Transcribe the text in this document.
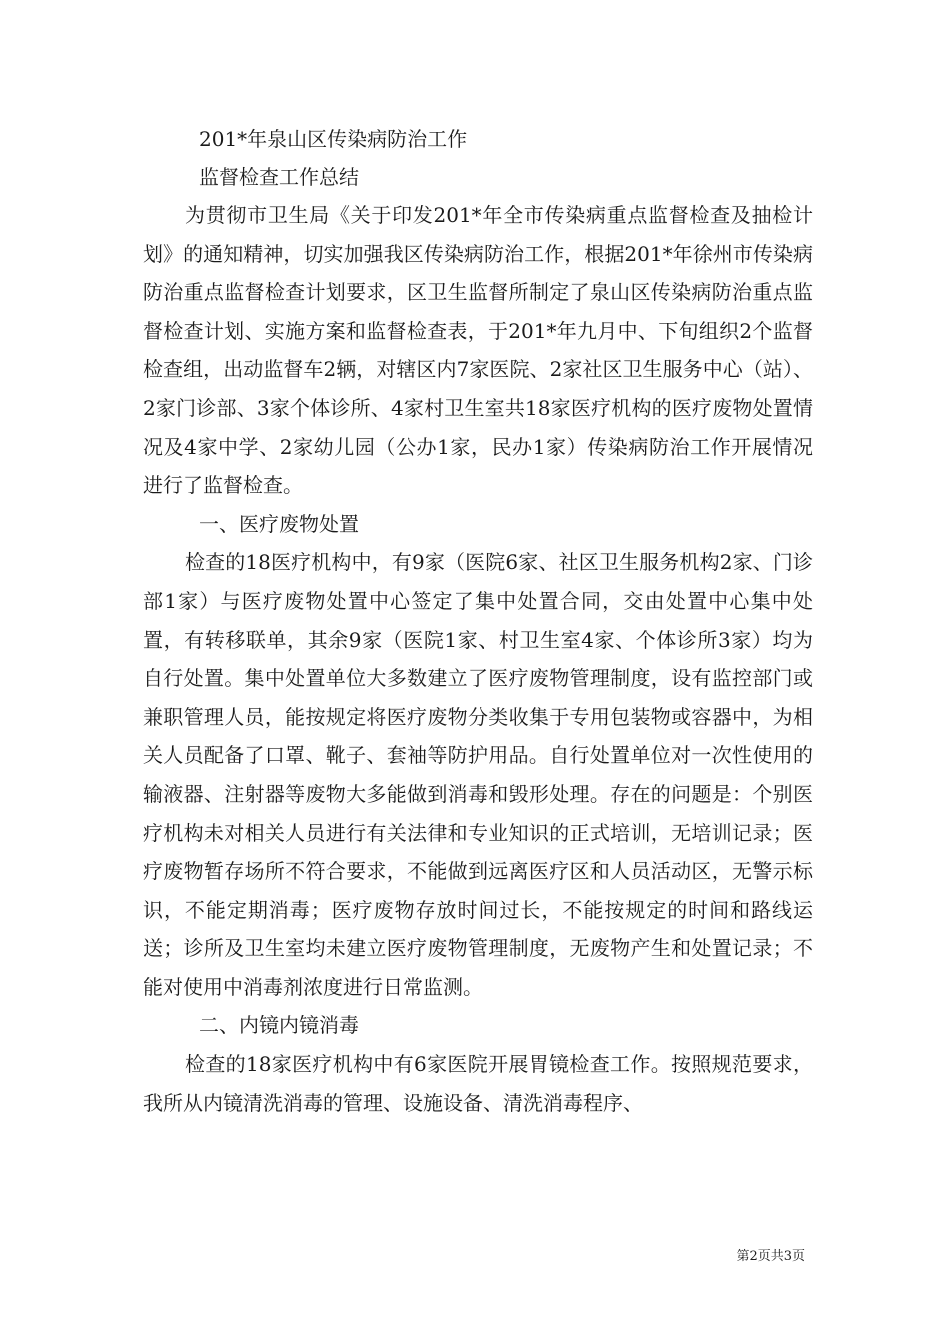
201*年泉山区传染病防治工作
监督检查工作总结

为贯彻市卫生局《关于印发201*年全市传染病重点监督检查及抽检计划》的通知精神，切实加强我区传染病防治工作，根据201*年徐州市传染病防治重点监督检查计划要求，区卫生监督所制定了泉山区传染病防治重点监督检查计划、实施方案和监督检查表，于201*年九月中、下旬组织2个监督检查组，出动监督车2辆，对辖区内7家医院、2家社区卫生服务中心（站）、2家门诊部、3家个体诊所、4家村卫生室共18家医疗机构的医疗废物处置情况及4家中学、2家幼儿园（公办1家，民办1家）传染病防治工作开展情况进行了监督检查。

一、医疗废物处置

检查的18医疗机构中，有9家（医院6家、社区卫生服务机构2家、门诊部1家）与医疗废物处置中心签定了集中处置合同，交由处置中心集中处置，有转移联单，其余9家（医院1家、村卫生室4家、个体诊所3家）均为自行处置。集中处置单位大多数建立了医疗废物管理制度，设有监控部门或兼职管理人员，能按规定将医疗废物分类收集于专用包装物或容器中，为相关人员配备了口罩、靴子、套袖等防护用品。自行处置单位对一次性使用的输液器、注射器等废物大多能做到消毒和毁形处理。存在的问题是：个别医疗机构未对相关人员进行有关法律和专业知识的正式培训，无培训记录；医疗废物暂存场所不符合要求，不能做到远离医疗区和人员活动区，无警示标识，不能定期消毒；医疗废物存放时间过长，不能按规定的时间和路线运送；诊所及卫生室均未建立医疗废物管理制度，无废物产生和处置记录；不能对使用中消毒剂浓度进行日常监测。

二、内镜内镜消毒

检查的18家医疗机构中有6家医院开展胃镜检查工作。按照规范要求，我所从内镜清洗消毒的管理、设施设备、清洗消毒程序、

第2页共3页
